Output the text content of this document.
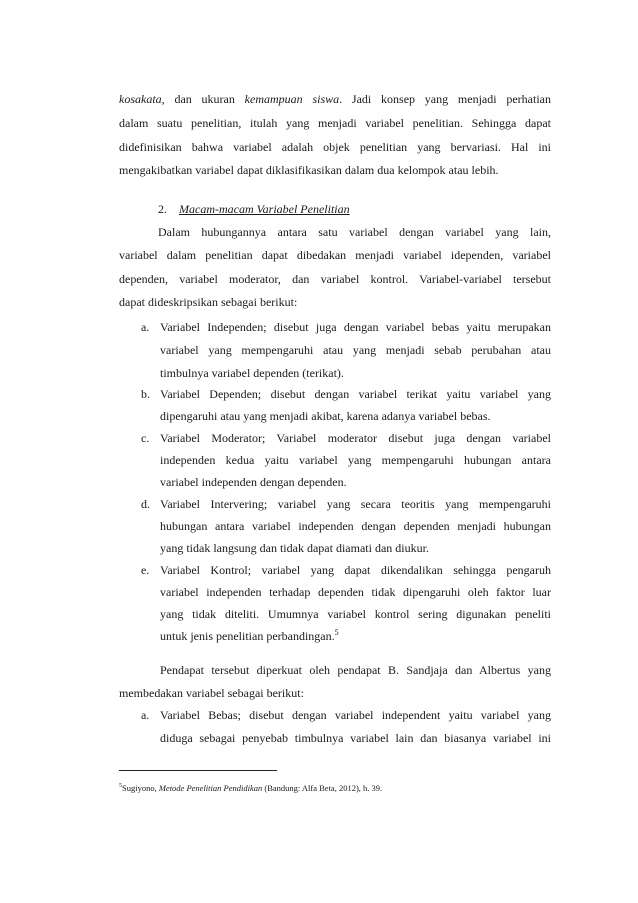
kosakata, dan ukuran kemampuan siswa. Jadi konsep yang menjadi perhatian
dalam suatu penelitian, itulah yang menjadi variabel penelitian. Sehingga dapat
didefinisikan bahwa variabel adalah objek penelitian yang bervariasi. Hal ini
mengakibatkan variabel dapat diklasifikasikan dalam dua kelompok atau lebih.
2. Macam-macam Variabel Penelitian
Dalam hubungannya antara satu variabel dengan variabel yang lain,
variabel dalam penelitian dapat dibedakan menjadi variabel idependen, variabel
dependen, variabel moderator, dan variabel kontrol. Variabel-variabel tersebut
dapat dideskripsikan sebagai berikut:
a. Variabel Independen; disebut juga dengan variabel bebas yaitu merupakan
variabel yang mempengaruhi atau yang menjadi sebab perubahan atau
timbulnya variabel dependen (terikat).
b. Variabel Dependen; disebut dengan variabel terikat yaitu variabel yang
dipengaruhi atau yang menjadi akibat, karena adanya variabel bebas.
c. Variabel Moderator; Variabel moderator disebut juga dengan variabel
independen kedua yaitu variabel yang mempengaruhi hubungan antara
variabel independen dengan dependen.
d. Variabel Intervering; variabel yang secara teoritis yang mempengaruhi
hubungan antara variabel independen dengan dependen menjadi hubungan
yang tidak langsung dan tidak dapat diamati dan diukur.
e. Variabel Kontrol; variabel yang dapat dikendalikan sehingga pengaruh
variabel independen terhadap dependen tidak dipengaruhi oleh faktor luar
yang tidak diteliti. Umumnya variabel kontrol sering digunakan peneliti
untuk jenis penelitian perbandingan.$^5$
Pendapat tersebut diperkuat oleh pendapat B. Sandjaja dan Albertus yang
membedakan variabel sebagai berikut:
a. Variabel Bebas; disebut dengan variabel independent yaitu variabel yang
diduga sebagai penyebab timbulnya variabel lain dan biasanya variabel ini
$^5$Sugiyono, Metode Penelitian Pendidikan (Bandung: Alfa Beta, 2012), h. 39.
